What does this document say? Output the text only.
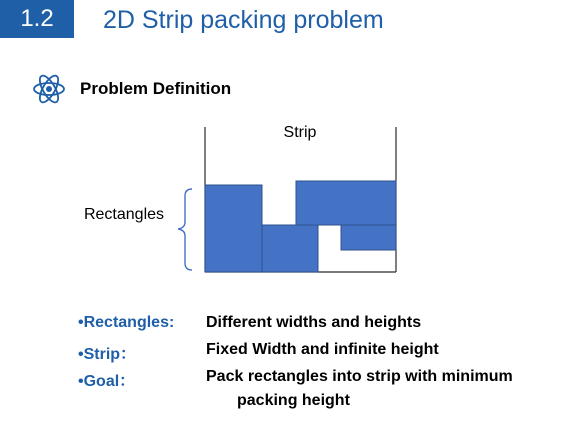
1.2 2D Strip packing problem
Problem Definition
Strip
Rectangles
•Rectangles: Different widths and heights
•Strip：	Fixed Width and infinite height
•Goal：	Pack rectangles into strip with minimum
packing height
